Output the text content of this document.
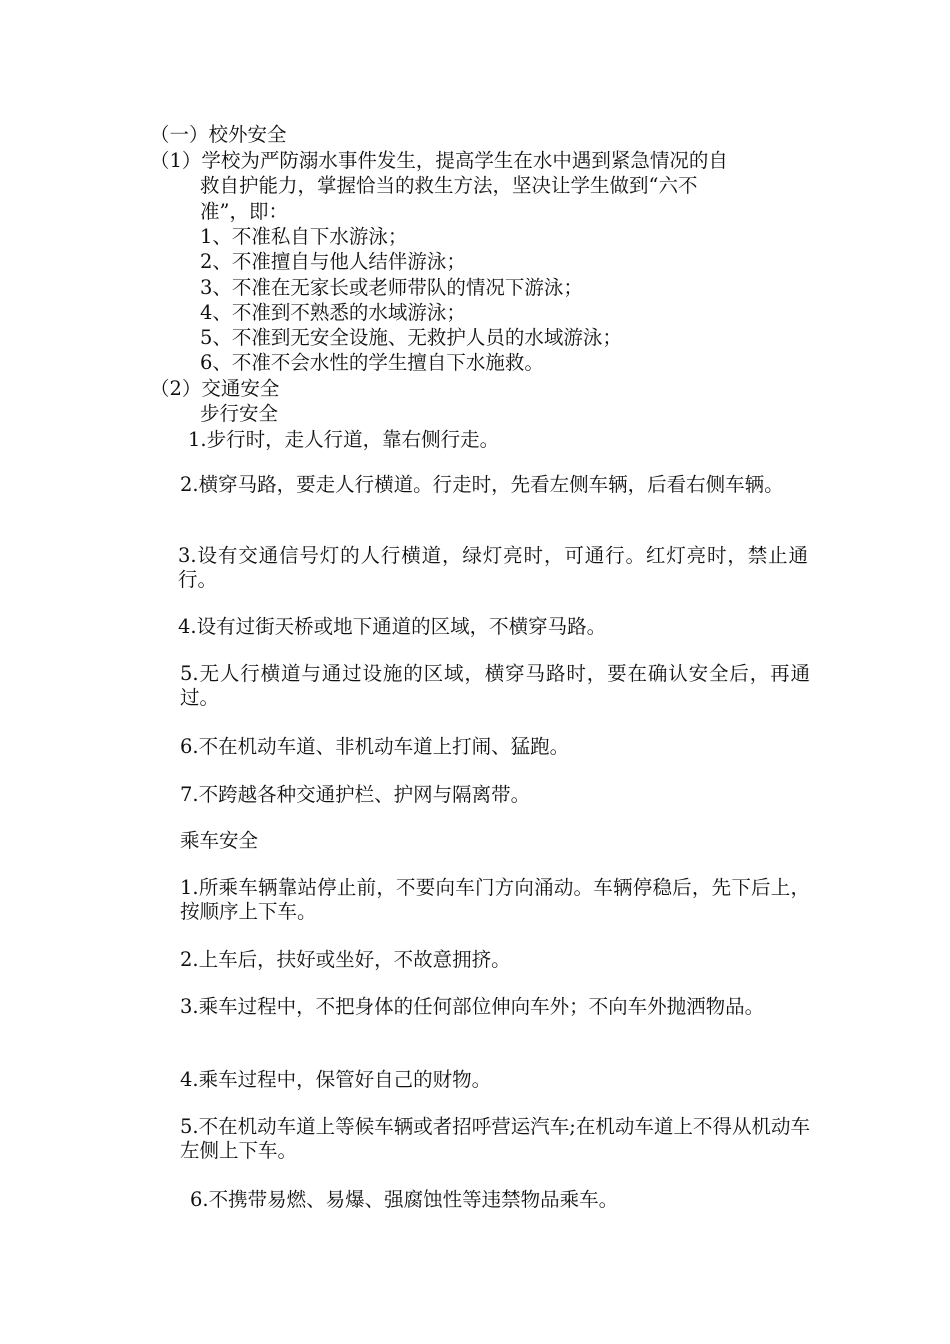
（一）校外安全
（1）学校为严防溺水事件发生，提高学生在水中遇到紧急情况的自
救自护能力，掌握恰当的救生方法，坚决让学生做到“六不
准”，即：
1、不准私自下水游泳；
2、不准擅自与他人结伴游泳；
3、不准在无家长或老师带队的情况下游泳；
4、不准到不熟悉的水域游泳；
5、不准到无安全设施、无救护人员的水域游泳；
6、不准不会水性的学生擅自下水施救。
（2）交通安全
步行安全
1.步行时，走人行道，靠右侧行走。
2.横穿马路，要走人行横道。行走时，先看左侧车辆，后看右侧车辆。
3.设有交通信号灯的人行横道，绿灯亮时，可通行。红灯亮时，禁止通行。
4.设有过街天桥或地下通道的区域，不横穿马路。
5.无人行横道与通过设施的区域，横穿马路时，要在确认安全后，再通过。
6.不在机动车道、非机动车道上打闹、猛跑。
7.不跨越各种交通护栏、护网与隔离带。
乘车安全
1.所乘车辆靠站停止前，不要向车门方向涌动。车辆停稳后，先下后上，按顺序上下车。
2.上车后，扶好或坐好，不故意拥挤。
3.乘车过程中，不把身体的任何部位伸向车外；不向车外抛洒物品。
4.乘车过程中，保管好自己的财物。
5.不在机动车道上等候车辆或者招呼营运汽车;在机动车道上不得从机动车左侧上下车。
6.不携带易燃、易爆、强腐蚀性等违禁物品乘车。
